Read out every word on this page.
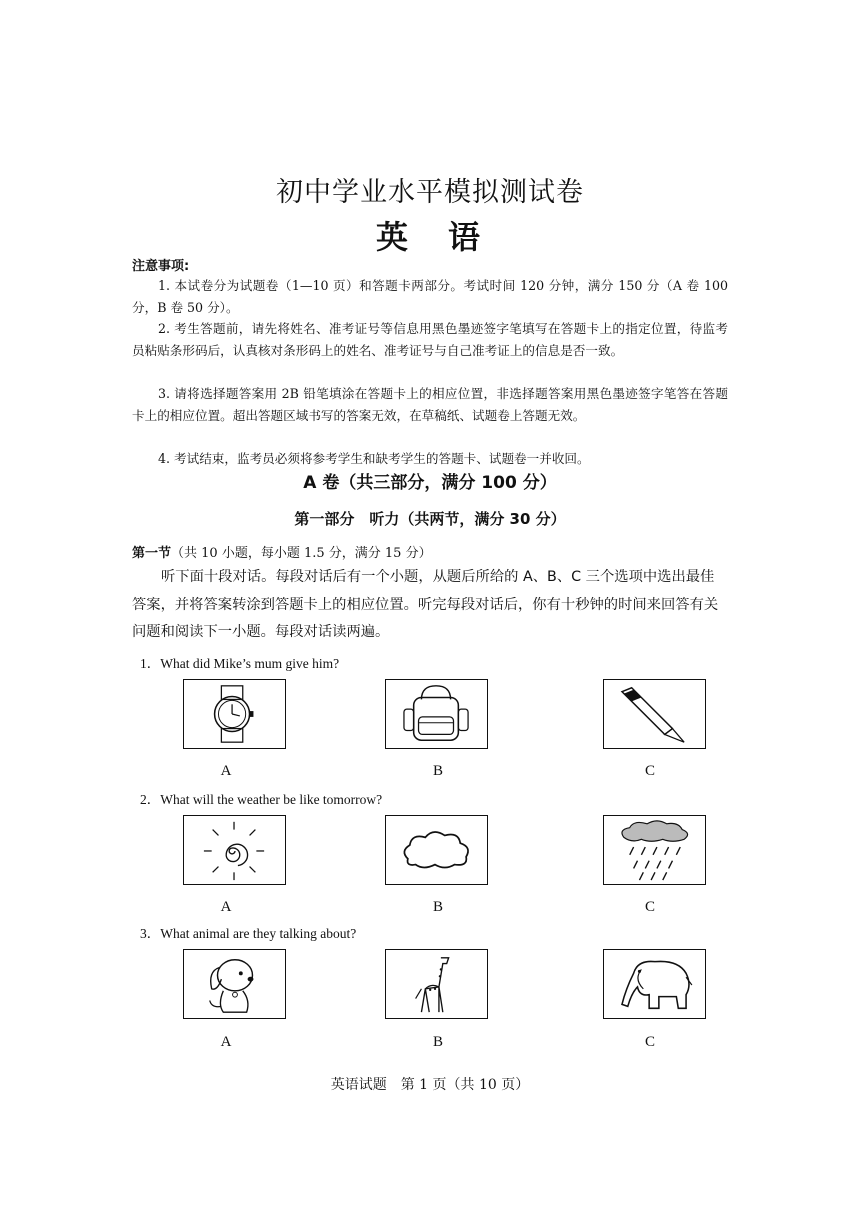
初中学业水平模拟测试卷
英　语
注意事项:
1. 本试卷分为试题卷（1—10 页）和答题卡两部分。考试时间 120 分钟，满分 150 分（A 卷 100 分，B 卷 50 分）。
2. 考生答题前，请先将姓名、准考证号等信息用黑色墨迹签字笔填写在答题卡上的指定位置，待监考员粘贴条形码后，认真核对条形码上的姓名、准考证号与自己准考证上的信息是否一致。
3. 请将选择题答案用 2B 铅笔填涂在答题卡上的相应位置，非选择题答案用黑色墨迹签字笔答在答题卡上的相应位置。超出答题区域书写的答案无效，在草稿纸、试题卷上答题无效。
4. 考试结束，监考员必须将参考学生和缺考学生的答题卡、试题卷一并收回。
A 卷（共三部分，满分 100 分）
第一部分　听力（共两节，满分 30 分）
第一节（共 10 小题，每小题 1.5 分，满分 15 分）
听下面十段对话。每段对话后有一个小题，从题后所给的 A、B、C 三个选项中选出最佳答案，并将答案转涂到答题卡上的相应位置。听完每段对话后，你有十秒钟的时间来回答有关问题和阅读下一小题。每段对话读两遍。
1．What did Mike’s mum give him?
A	B	C
2．What will the weather be like tomorrow?
A	B	C
3．What animal are they talking about?
A	B	C
英语试题　第 1 页（共 10 页）
